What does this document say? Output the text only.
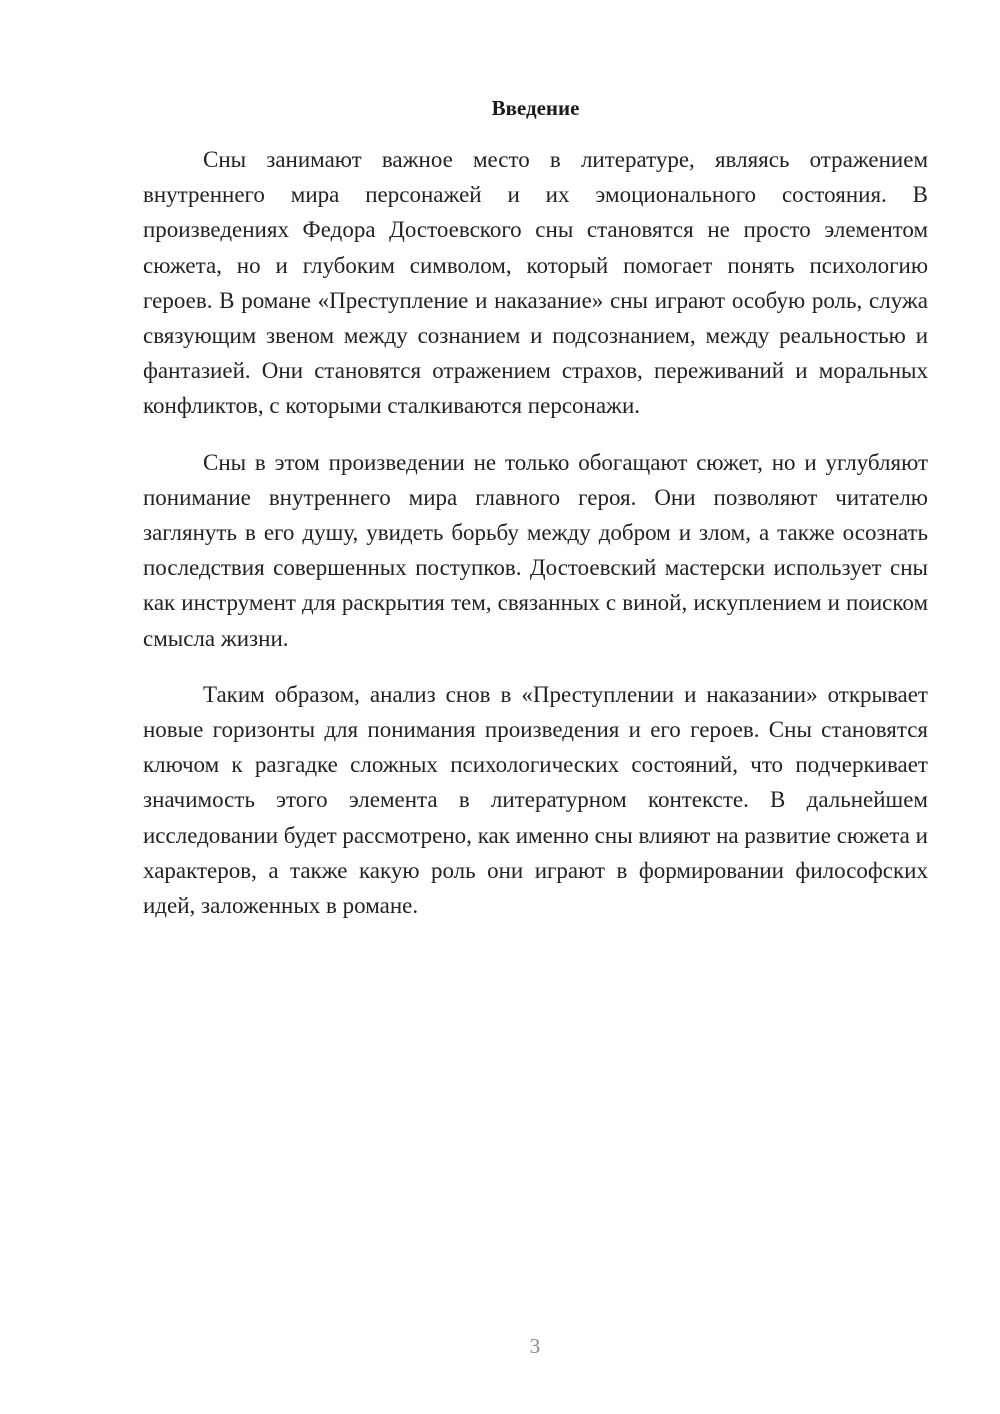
Введение

Сны занимают важное место в литературе, являясь отражением внутреннего мира персонажей и их эмоционального состояния. В произведениях Федора Достоевского сны становятся не просто элементом сюжета, но и глубоким символом, который помогает понять психологию героев. В романе «Преступление и наказание» сны играют особую роль, служа связующим звеном между сознанием и подсознанием, между реальностью и фантазией. Они становятся отражением страхов, переживаний и моральных конфликтов, с которыми сталкиваются персонажи.

Сны в этом произведении не только обогащают сюжет, но и углубляют понимание внутреннего мира главного героя. Они позволяют читателю заглянуть в его душу, увидеть борьбу между добром и злом, а также осознать последствия совершенных поступков. Достоевский мастерски использует сны как инструмент для раскрытия тем, связанных с виной, искуплением и поиском смысла жизни.

Таким образом, анализ снов в «Преступлении и наказании» открывает новые горизонты для понимания произведения и его героев. Сны становятся ключом к разгадке сложных психологических состояний, что подчеркивает значимость этого элемента в литературном контексте. В дальнейшем исследовании будет рассмотрено, как именно сны влияют на развитие сюжета и характеров, а также какую роль они играют в формировании философских идей, заложенных в романе.

3
